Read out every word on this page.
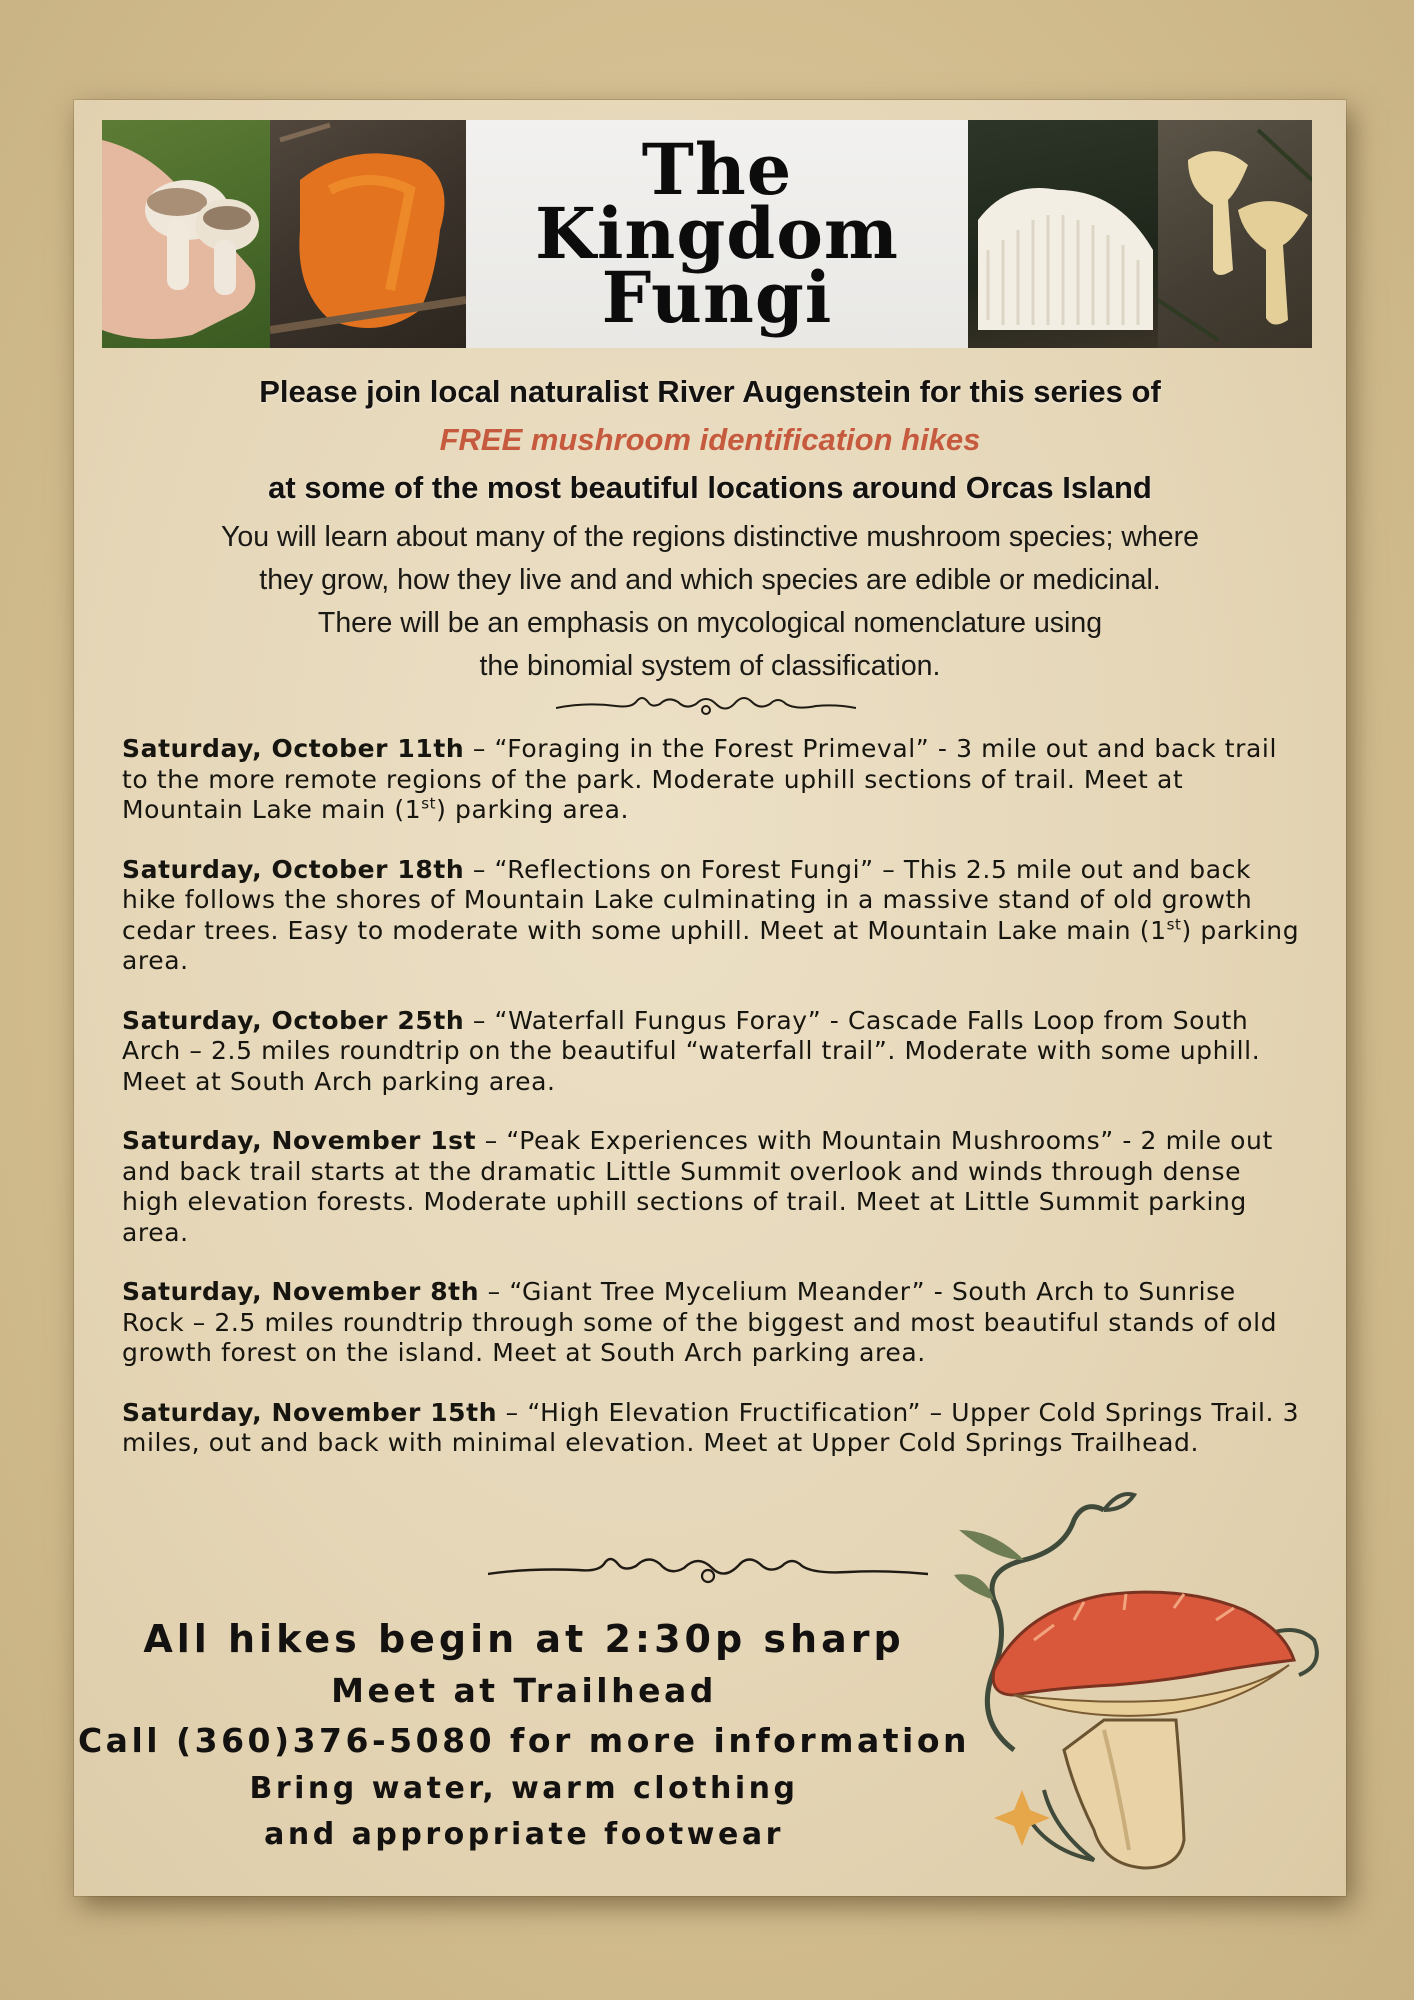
The
Kingdom
Fungi
Please join local naturalist River Augenstein for this series of
FREE mushroom identification hikes
at some of the most beautiful locations around Orcas Island
You will learn about many of the regions distinctive mushroom species; where
they grow, how they live and and which species are edible or medicinal.
There will be an emphasis on mycological nomenclature using
the binomial system of classification.

Saturday, October 11th – “Foraging in the Forest Primeval” - 3 mile out and back trail to the more remote regions of the park. Moderate uphill sections of trail. Meet at Mountain Lake main (1st) parking area.

Saturday, October 18th – “Reflections on Forest Fungi” – This 2.5 mile out and back hike follows the shores of Mountain Lake culminating in a massive stand of old growth cedar trees. Easy to moderate with some uphill. Meet at Mountain Lake main (1st) parking area.

Saturday, October 25th – “Waterfall Fungus Foray” - Cascade Falls Loop from South Arch – 2.5 miles roundtrip on the beautiful “waterfall trail”. Moderate with some uphill. Meet at South Arch parking area.

Saturday, November 1st – “Peak Experiences with Mountain Mushrooms” - 2 mile out and back trail starts at the dramatic Little Summit overlook and winds through dense high elevation forests. Moderate uphill sections of trail. Meet at Little Summit parking area.

Saturday, November 8th – “Giant Tree Mycelium Meander” - South Arch to Sunrise Rock – 2.5 miles roundtrip through some of the biggest and most beautiful stands of old growth forest on the island. Meet at South Arch parking area.

Saturday, November 15th – “High Elevation Fructification” – Upper Cold Springs Trail. 3 miles, out and back with minimal elevation. Meet at Upper Cold Springs Trailhead.

All hikes begin at 2:30p sharp
Meet at Trailhead
Call (360)376-5080 for more information
Bring water, warm clothing
and appropriate footwear
